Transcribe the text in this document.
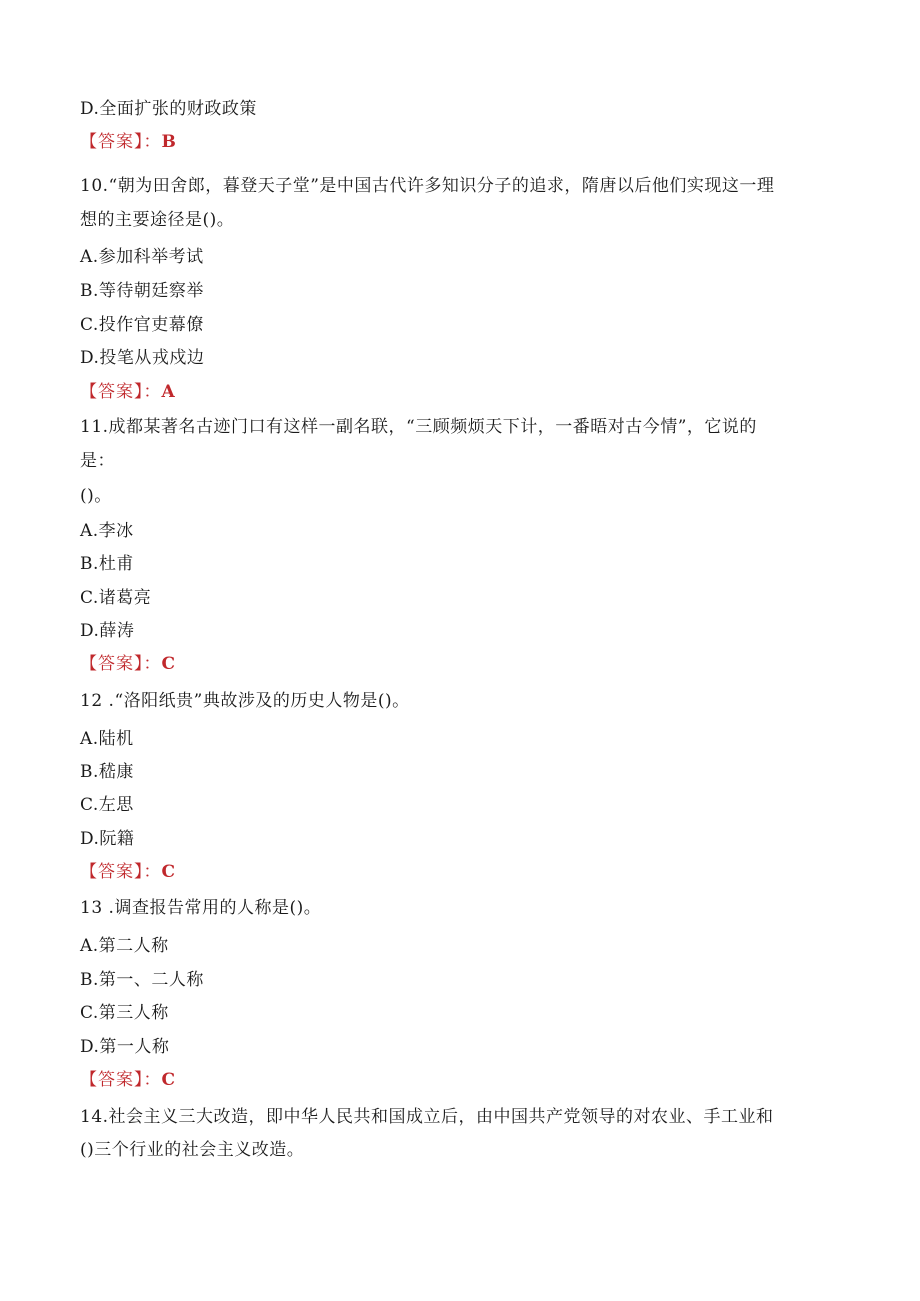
D.全面扩张的财政政策
【答案】：B
10.“朝为田舍郎，暮登天子堂”是中国古代许多知识分子的追求，隋唐以后他们实现这一理
想的主要途径是()。
A.参加科举考试
B.等待朝廷察举
C.投作官吏幕僚
D.投笔从戎戍边
【答案】：A
11.成都某著名古迹门口有这样一副名联，“三顾频烦天下计，一番晤对古今情”，它说的
是：
()。
A.李冰
B.杜甫
C.诸葛亮
D.薛涛
【答案】：C
12 .“洛阳纸贵”典故涉及的历史人物是()。
A.陆机
B.嵇康
C.左思
D.阮籍
【答案】：C
13 .调查报告常用的人称是()。
A.第二人称
B.第一、二人称
C.第三人称
D.第一人称
【答案】：C
14.社会主义三大改造，即中华人民共和国成立后，由中国共产党领导的对农业、手工业和
()三个行业的社会主义改造。
